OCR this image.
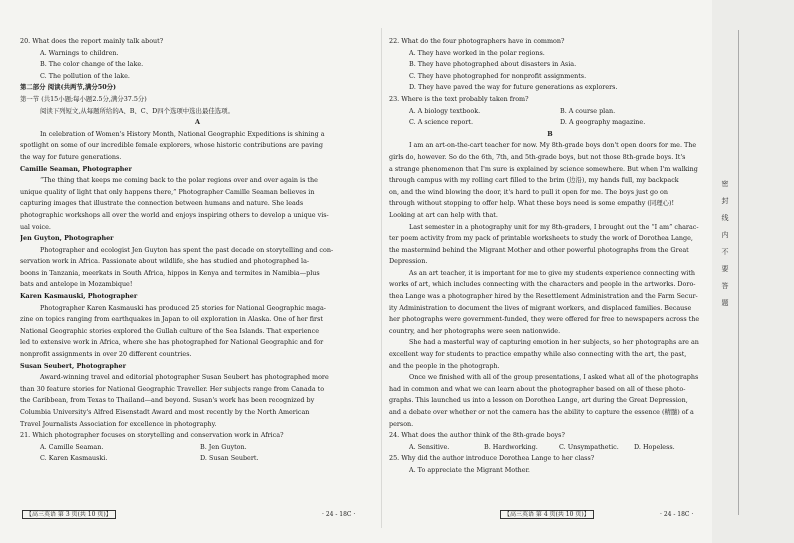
密
封
线
内
不
要
答
题
20. What does the report mainly talk about?
A. Warnings to children.
B. The color change of the lake.
C. The pollution of the lake.
第二部分 阅读(共两节,满分50分)
第一节 (共15小题;每小题2.5分,满分37.5分)
阅读下列短文,从每题所给的A、B、C、D四个选项中选出最佳选项。
A
In celebration of Women's History Month, National Geographic Expeditions is shining a
spotlight on some of our incredible female explorers, whose historic contributions are paving
the way for future generations.
Camille Seaman, Photographer
“The thing that keeps me coming back to the polar regions over and over again is the
unique quality of light that only happens there,” Photographer Camille Seaman believes in
capturing images that illustrate the connection between humans and nature. She leads
photographic workshops all over the world and enjoys inspiring others to develop a unique vis-
ual voice.
Jen Guyton, Photographer
Photographer and ecologist Jen Guyton has spent the past decade on storytelling and con-
servation work in Africa. Passionate about wildlife, she has studied and photographed la-
boons in Tanzania, meerkats in South Africa, hippos in Kenya and termites in Namibia—plus
bats and antelope in Mozambique!
Karen Kasmauski, Photographer
Photographer Karen Kasmauski has produced 25 stories for National Geographic maga-
zine on topics ranging from earthquakes in Japan to oil exploration in Alaska. One of her first
National Geographic stories explored the Gullah culture of the Sea Islands. That experience
led to extensive work in Africa, where she has photographed for National Geographic and for
nonprofit assignments in over 20 different countries.
Susan Seubert, Photographer
Award-winning travel and editorial photographer Susan Seubert has photographed more
than 30 feature stories for National Geographic Traveller. Her subjects range from Canada to
the Caribbean, from Texas to Thailand—and beyond. Susan's work has been recognized by
Columbia University's Alfred Eisenstadt Award and most recently by the North American
Travel Journalists Association for excellence in photography.
21. Which photographer focuses on storytelling and conservation work in Africa?
A. Camille Seaman.	B. Jen Guyton.
C. Karen Kasmauski.	D. Susan Seubert.
【高三英语 第 3 页(共 10 页)】	· 24 - 18C ·
22. What do the four photographers have in common?
A. They have worked in the polar regions.
B. They have photographed about disasters in Asia.
C. They have photographed for nonprofit assignments.
D. They have paved the way for future generations as explorers.
23. Where is the text probably taken from?
A. A biology textbook.	B. A course plan.
C. A science report.	D. A geography magazine.
B
I am an art-on-the-cart teacher for now. My 8th-grade boys don't open doors for me. The
girls do, however. So do the 6th, 7th, and 5th-grade boys, but not those 8th-grade boys. It's
a strange phenomenon that I'm sure is explained by science somewhere. But when I'm walking
through campus with my rolling cart filled to the brim (边沿), my hands full, my backpack
on, and the wind blowing the door, it's hard to pull it open for me. The boys just go on
through without stopping to offer help. What these boys need is some empathy (同理心)!
Looking at art can help with that.
Last semester in a photography unit for my 8th-graders, I brought out the “I am” charac-
ter poem activity from my pack of printable worksheets to study the work of Dorothea Lange,
the mastermind behind the Migrant Mother and other powerful photographs from the Great
Depression.
As an art teacher, it is important for me to give my students experience connecting with
works of art, which includes connecting with the characters and people in the artworks. Doro-
thea Lange was a photographer hired by the Resettlement Administration and the Farm Secur-
ity Administration to document the lives of migrant workers, and displaced families. Because
her photographs were government-funded, they were offered for free to newspapers across the
country, and her photographs were seen nationwide.
She had a masterful way of capturing emotion in her subjects, so her photographs are an
excellent way for students to practice empathy while also connecting with the art, the past,
and the people in the photograph.
Once we finished with all of the group presentations, I asked what all of the photographs
had in common and what we can learn about the photographer based on all of these photo-
graphs. This launched us into a lesson on Dorothea Lange, art during the Great Depression,
and a debate over whether or not the camera has the ability to capture the essence (精髓) of a
person.
24. What does the author think of the 8th-grade boys?
A. Sensitive.	B. Hardworking.	C. Unsympathetic.	D. Hopeless.
25. Why did the author introduce Dorothea Lange to her class?
A. To appreciate the Migrant Mother.
【高三英语 第 4 页(共 10 页)】	· 24 - 18C ·
